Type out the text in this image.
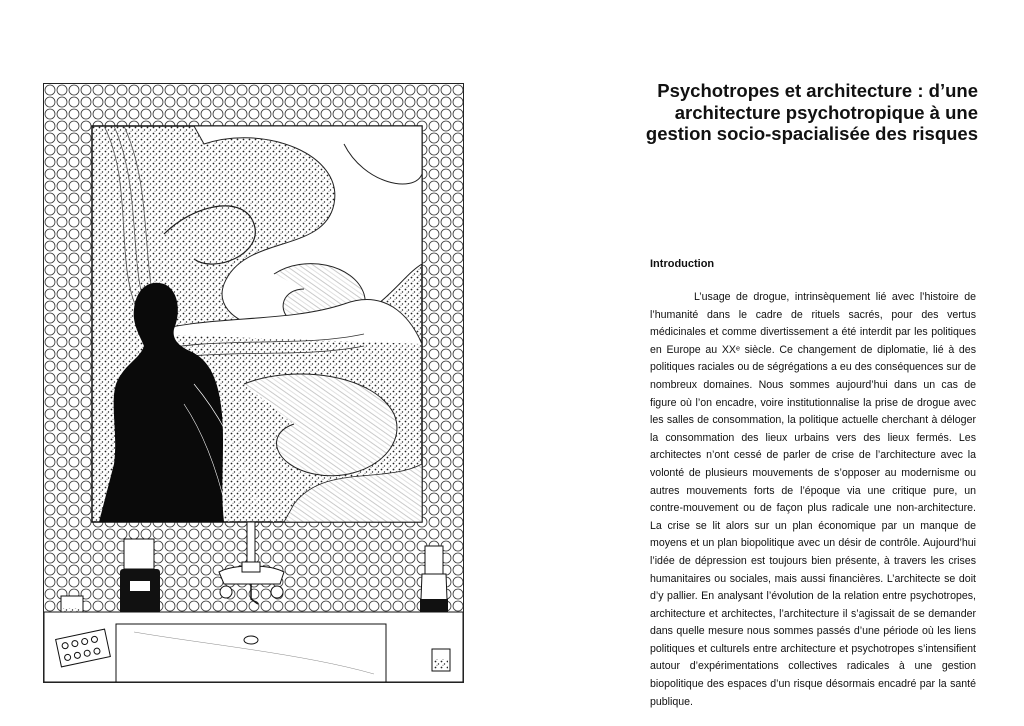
Psychotropes et architecture : d’une architecture psychotropique à une gestion socio-spacialisée des risques
Introduction

L’usage de drogue, intrinsèquement lié avec l’histoire de l’humanité dans le cadre de rituels sacrés, pour des vertus médicinales et comme divertissement a été interdit par les politiques en Europe au XXᵉ siècle. Ce changement de diplomatie, lié à des politiques raciales ou de ségrégations a eu des conséquences sur de nombreux domaines. Nous sommes aujourd’hui dans un cas de figure où l’on encadre, voire institutionnalise la prise de drogue avec les salles de consommation, la politique actuelle cherchant à déloger la consommation des lieux urbains vers des lieux fermés. Les architectes n’ont cessé de parler de crise de l’architecture avec la volonté de plusieurs mouvements de s’opposer au modernisme ou autres mouvements forts de l’époque via une critique pure, un contre-mouvement ou de façon plus radicale une non-architecture. La crise se lit alors sur un plan économique par un manque de moyens et un plan biopolitique avec un désir de contrôle. Aujourd’hui l’idée de dépression est toujours bien présente, à travers les crises humanitaires ou sociales, mais aussi financières. L’architecte se doit d’y pallier. En analysant l’évolution de la relation entre psychotropes, architecture et architectes, l’architecture il s’agissait de se demander dans quelle mesure nous sommes passés d’une période où les liens politiques et culturels entre architecture et psychotropes s’intensifient autour d’expérimentations collectives radicales à une gestion biopolitique des espaces d’un risque désormais encadré par la santé publique.
